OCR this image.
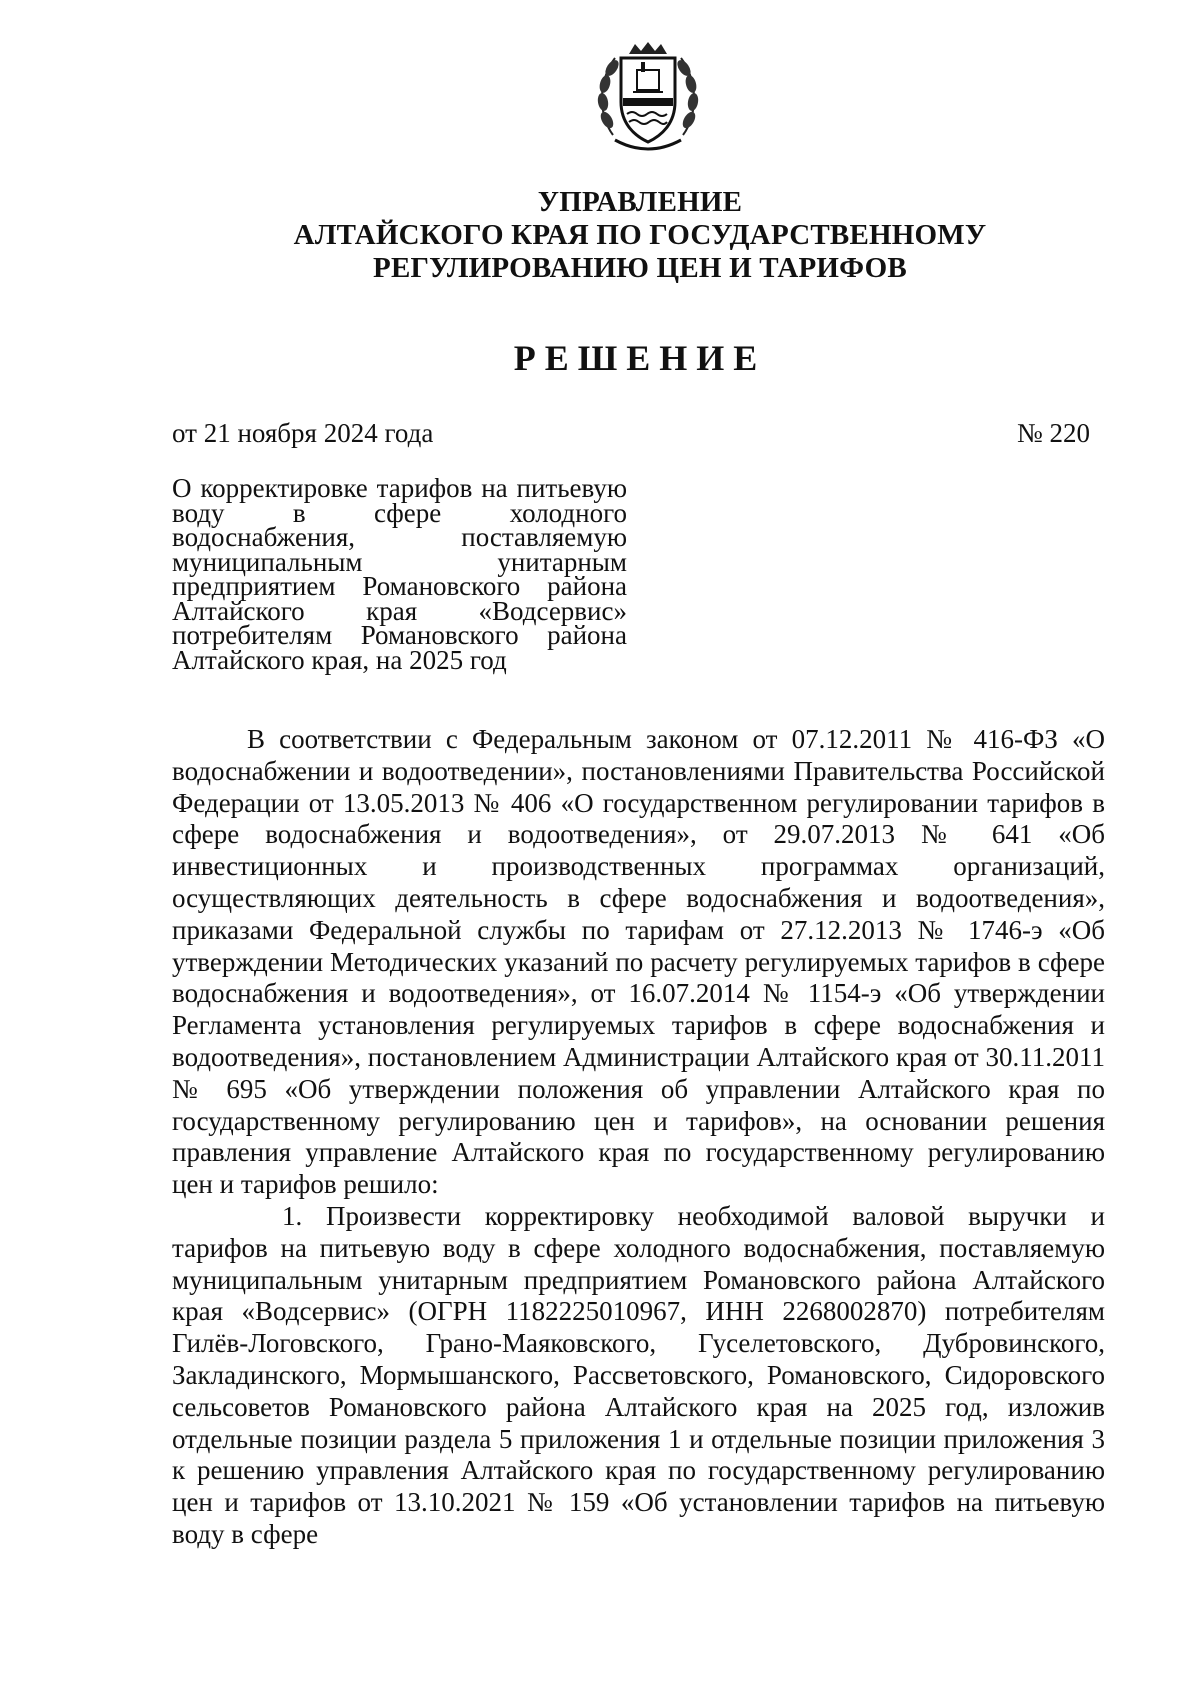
УПРАВЛЕНИЕ
АЛТАЙСКОГО КРАЯ ПО ГОСУДАРСТВЕННОМУ
РЕГУЛИРОВАНИЮ ЦЕН И ТАРИФОВ
РЕШЕНИЕ
от 21 ноября 2024 года	№ 220
О корректировке тарифов на питьевую воду в сфере холодного водоснабжения, поставляемую муниципальным унитарным предприятием Романовского района Алтайского края «Водсервис» потребителям Романовского района Алтайского края, на 2025 год

В соответствии с Федеральным законом от 07.12.2011 № 416-ФЗ «О водоснабжении и водоотведении», постановлениями Правительства Российской Федерации от 13.05.2013 № 406 «О государственном регулировании тарифов в сфере водоснабжения и водоотведения», от 29.07.2013 № 641 «Об инвестиционных и производственных программах организаций, осуществляющих деятельность в сфере водоснабжения и водоотведения», приказами Федеральной службы по тарифам от 27.12.2013 № 1746-э «Об утверждении Методических указаний по расчету регулируемых тарифов в сфере водоснабжения и водоотведения», от 16.07.2014 № 1154-э «Об утверждении Регламента установления регулируемых тарифов в сфере водоснабжения и водоотведения», постановлением Администрации Алтайского края от 30.11.2011 № 695 «Об утверждении положения об управлении Алтайского края по государственному регулированию цен и тарифов», на основании решения правления управление Алтайского края по государственному регулированию цен и тарифов решило:

1. Произвести корректировку необходимой валовой выручки и тарифов на питьевую воду в сфере холодного водоснабжения, поставляемую муниципальным унитарным предприятием Романовского района Алтайского края «Водсервис» (ОГРН 1182225010967, ИНН 2268002870) потребителям Гилёв-Логовского, Грано-Маяковского, Гуселетовского, Дубровинского, Закладинского, Мормышанского, Рассветовского, Романовского, Сидоровского сельсоветов Романовского района Алтайского края на 2025 год, изложив отдельные позиции раздела 5 приложения 1 и отдельные позиции приложения 3 к решению управления Алтайского края по государственному регулированию цен и тарифов от 13.10.2021 № 159 «Об установлении тарифов на питьевую воду в сфере
